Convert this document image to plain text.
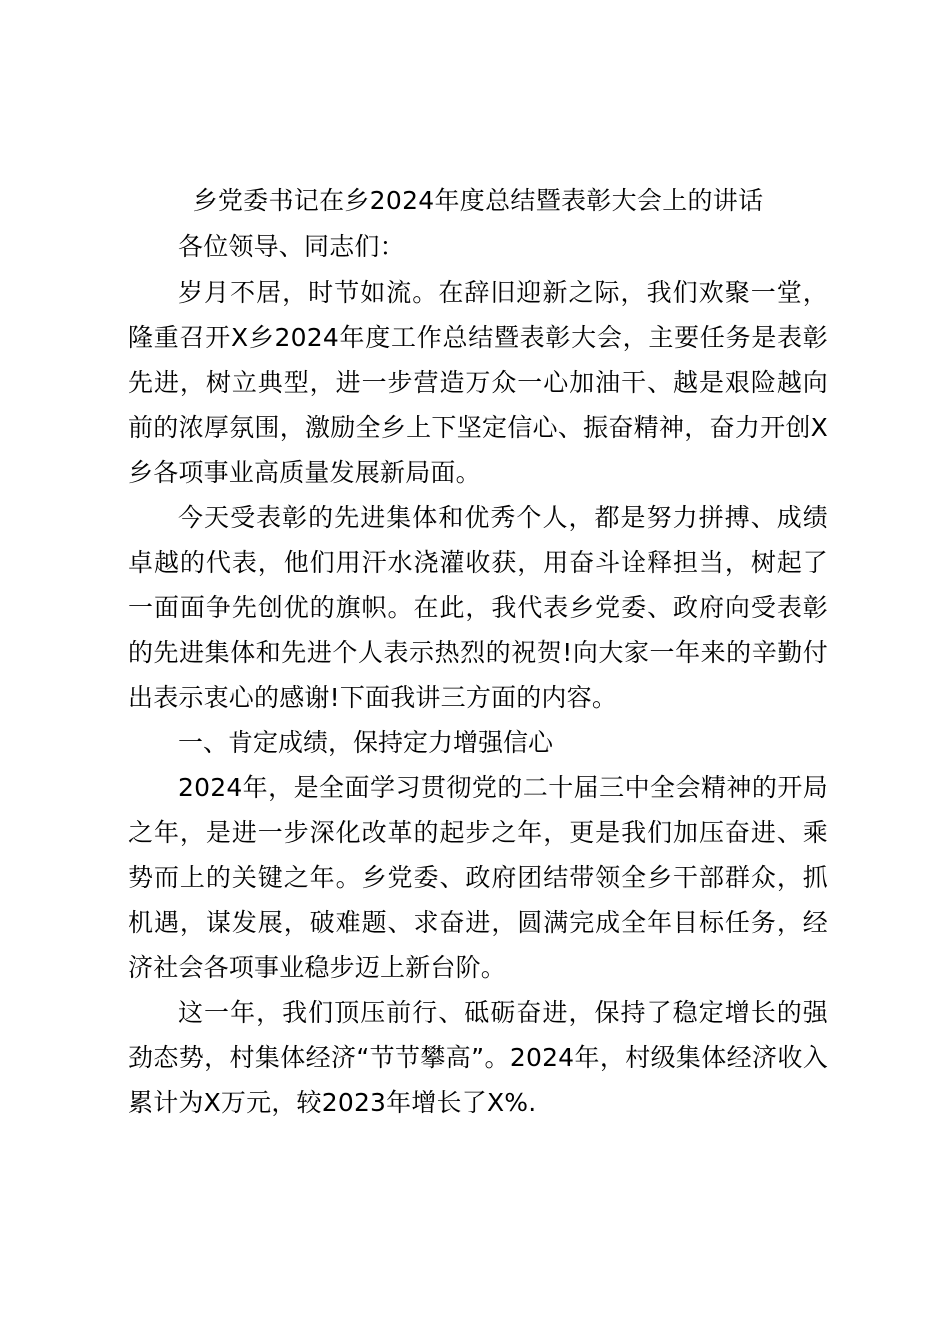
乡党委书记在乡2024年度总结暨表彰大会上的讲话

各位领导、同志们：

岁月不居，时节如流。在辞旧迎新之际，我们欢聚一堂，隆重召开X乡2024年度工作总结暨表彰大会，主要任务是表彰先进，树立典型，进一步营造万众一心加油干、越是艰险越向前的浓厚氛围，激励全乡上下坚定信心、振奋精神，奋力开创X乡各项事业高质量发展新局面。

今天受表彰的先进集体和优秀个人，都是努力拼搏、成绩卓越的代表，他们用汗水浇灌收获，用奋斗诠释担当，树起了一面面争先创优的旗帜。在此，我代表乡党委、政府向受表彰的先进集体和先进个人表示热烈的祝贺!向大家一年来的辛勤付出表示衷心的感谢!下面我讲三方面的内容。

一、肯定成绩，保持定力增强信心

2024年，是全面学习贯彻党的二十届三中全会精神的开局之年，是进一步深化改革的起步之年，更是我们加压奋进、乘势而上的关键之年。乡党委、政府团结带领全乡干部群众，抓机遇，谋发展，破难题、求奋进，圆满完成全年目标任务，经济社会各项事业稳步迈上新台阶。

这一年，我们顶压前行、砥砺奋进，保持了稳定增长的强劲态势，村集体经济“节节攀高”。2024年，村级集体经济收入累计为X万元，较2023年增长了X%.
